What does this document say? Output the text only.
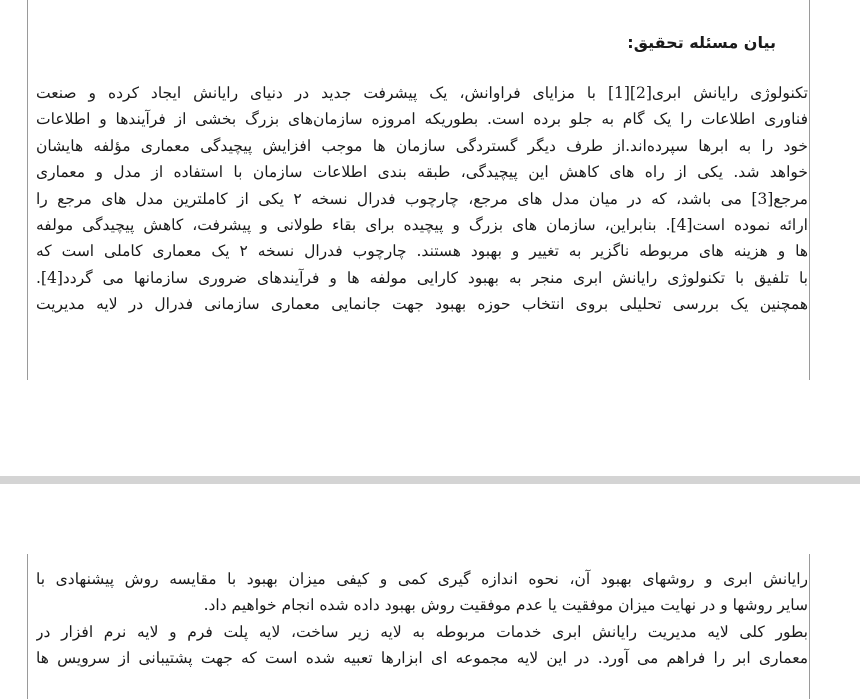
بیان مسئله تحقیق:
تکنولوژی رایانش ابری[2][1] با مزایای فراوانش، یک پیشرفت جدید در دنیای رایانش ایجاد کرده و صنعت
فناوری اطلاعات را یک گام به جلو برده است. بطوریکه امروزه سازمان‌های بزرگ بخشی از فرآیندها و اطلاعات
خود را به ابرها سپرده‌اند.از طرف دیگر گستردگی سازمان ها موجب افزایش پیچیدگی معماری مؤلفه هایشان
خواهد شد. یکی از راه های کاهش این پیچیدگی، طبقه بندی اطلاعات سازمان با استفاده از مدل و معماری
مرجع[3] می باشد، که در میان مدل های مرجع، چارچوب فدرال نسخه ۲ یکی از کاملترین مدل های مرجع را
ارائه نموده است[4]. بنابراین، سازمان های بزرگ و پیچیده برای بقاء طولانی و پیشرفت، کاهش پیچیدگی مولفه
ها و هزینه های مربوطه ناگزیر به تغییر و بهبود هستند. چارچوب فدرال نسخه ۲ یک معماری کاملی است که
با تلفیق با تکنولوژی رایانش ابری منجر به بهبود کارایی مولفه ها و فرآیندهای ضروری سازمانها می گردد[4].
همچنین یک بررسی تحلیلی بروی انتخاب حوزه بهبود جهت جانمایی معماری سازمانی فدرال در لایه مدیریت
رایانش ابری و روشهای بهبود آن، نحوه اندازه گیری کمی و کیفی میزان بهبود با مقایسه روش پیشنهادی با
سایر روشها و در نهایت میزان موفقیت یا عدم موفقیت روش بهبود داده شده انجام خواهیم داد.
بطور کلی لایه مدیریت رایانش ابری خدمات مربوطه به لایه زیر ساخت، لایه پلت فرم و لایه نرم افزار در
معماری ابر را فراهم می آورد. در این لایه مجموعه ای ابزارها تعبیه شده است که جهت پشتیبانی از سرویس ها
